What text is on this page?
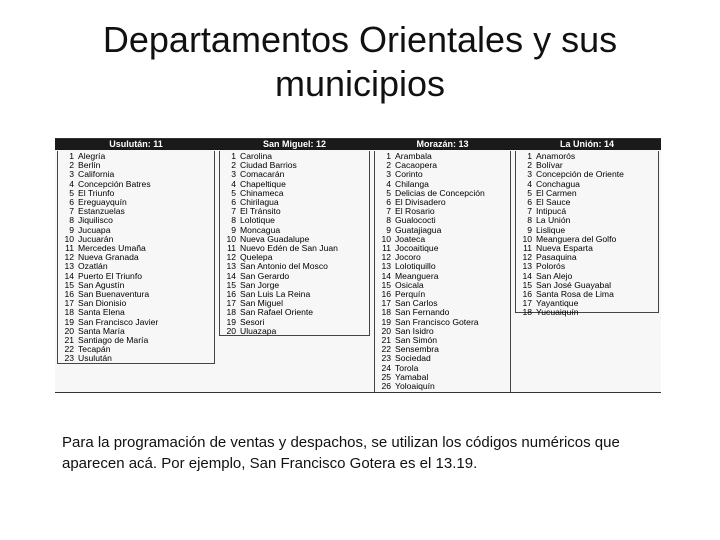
Departamentos Orientales y sus municipios
Usulután: 11
1 Alegría
2 Berlín
3 California
4 Concepción Batres
5 El Triunfo
6 Ereguayquín
7 Estanzuelas
8 Jiquilisco
9 Jucuapa
10 Jucuarán
11 Mercedes Umaña
12 Nueva Granada
13 Ozatlán
14 Puerto El Triunfo
15 San Agustín
16 San Buenaventura
17 San Dionisio
18 Santa Elena
19 San Francisco Javier
20 Santa María
21 Santiago de María
22 Tecapán
23 Usulután
San Miguel: 12
1 Carolina
2 Ciudad Barrios
3 Comacarán
4 Chapeltique
5 Chinameca
6 Chirilagua
7 El Tránsito
8 Lolotique
9 Moncagua
10 Nueva Guadalupe
11 Nuevo Edén de San Juan
12 Quelepa
13 San Antonio del Mosco
14 San Gerardo
15 San Jorge
16 San Luis La Reina
17 San Miguel
18 San Rafael Oriente
19 Sesori
20 Uluazapa
Morazán: 13
1 Arambala
2 Cacaopera
3 Corinto
4 Chilanga
5 Delicias de Concepción
6 El Divisadero
7 El Rosario
8 Gualococti
9 Guatajiagua
10 Joateca
11 Jocoaitique
12 Jocoro
13 Lolotiquillo
14 Meanguera
15 Osicala
16 Perquín
17 San Carlos
18 San Fernando
19 San Francisco Gotera
20 San Isidro
21 San Simón
22 Sensembra
23 Sociedad
24 Torola
25 Yamabal
26 Yoloaiquín
La Unión: 14
1 Anamorós
2 Bolívar
3 Concepción de Oriente
4 Conchagua
5 El Carmen
6 El Sauce
7 Intipucá
8 La Unión
9 Lislique
10 Meanguera del Golfo
11 Nueva Esparta
12 Pasaquina
13 Polorós
14 San Alejo
15 San José Guayabal
16 Santa Rosa de Lima
17 Yayantique
18 Yucuaiquín
Para la programación de ventas y despachos, se utilizan los códigos numéricos que aparecen acá. Por ejemplo, San Francisco Gotera es el 13.19.
